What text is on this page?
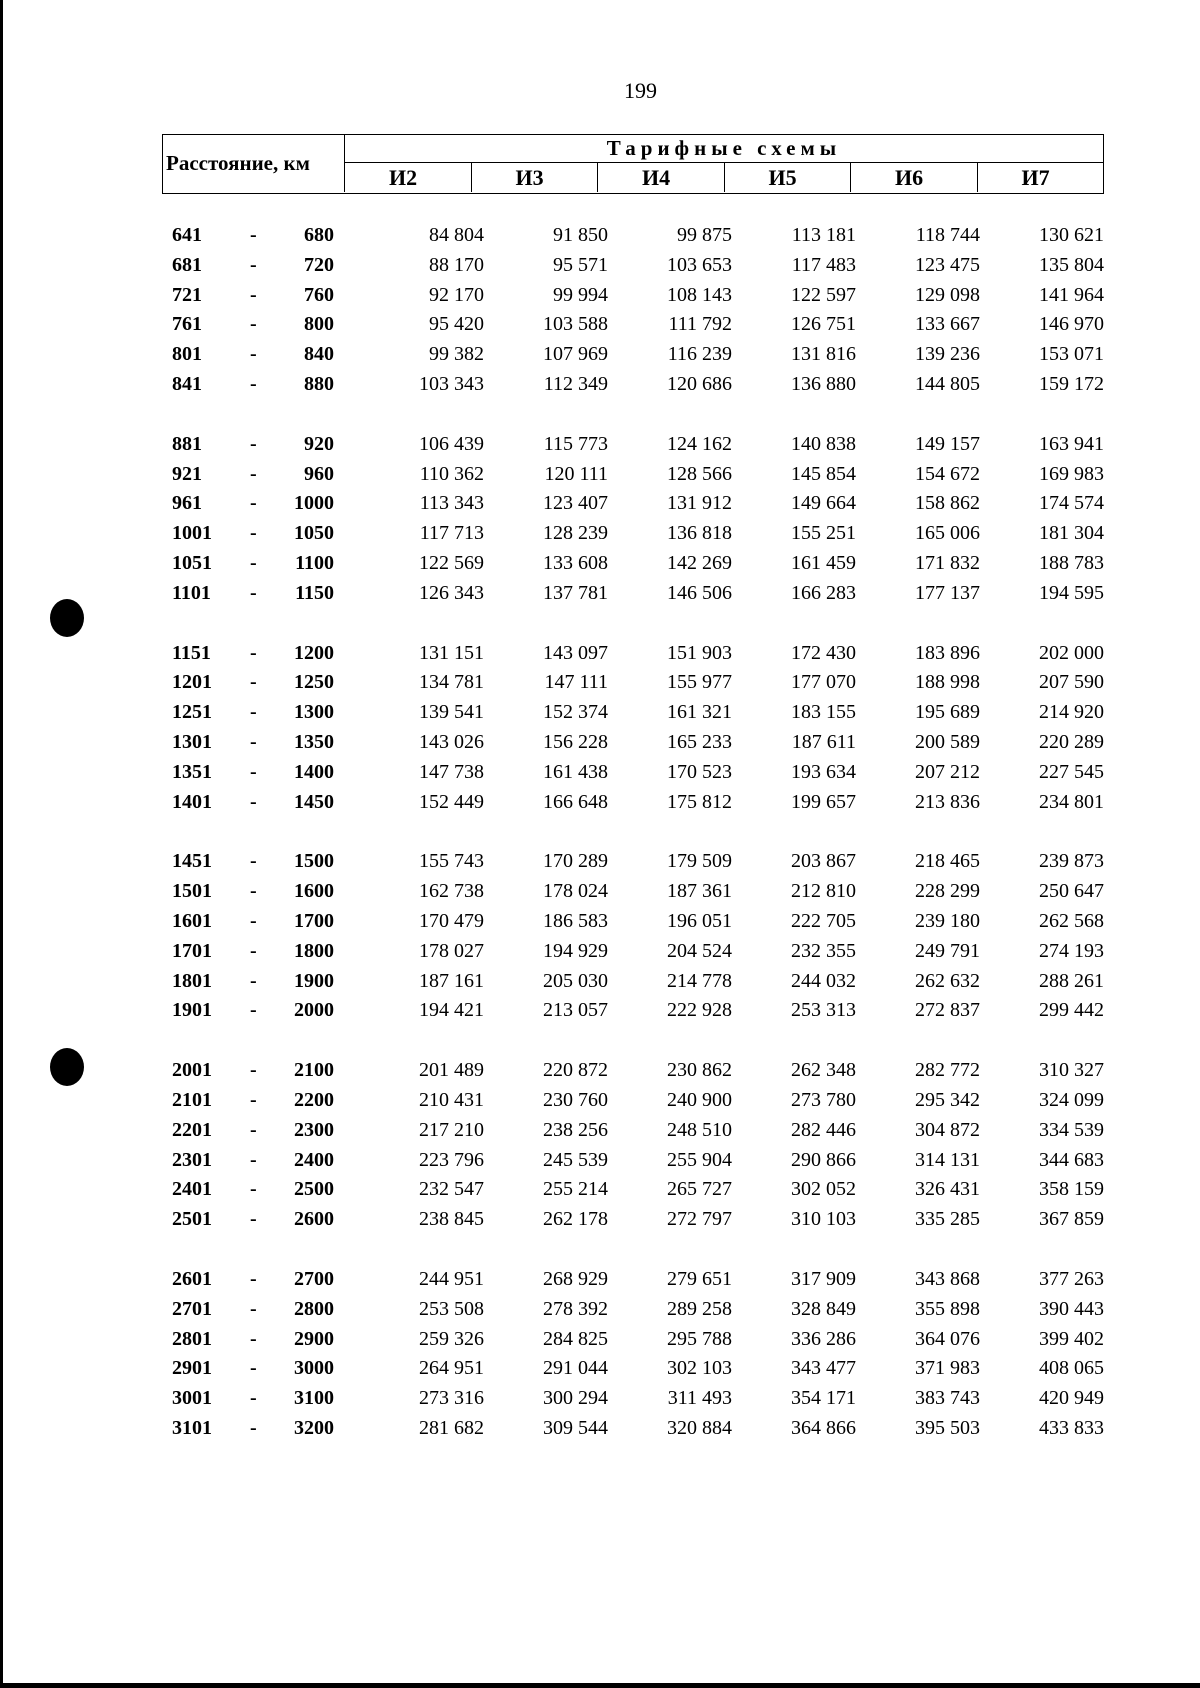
199
Расстояние, км
Тарифные схемы
И2	И3	И4	И5	И6	И7
641	-	680	84 804	91 850	99 875	113 181	118 744	130 621
681	-	720	88 170	95 571	103 653	117 483	123 475	135 804
721	-	760	92 170	99 994	108 143	122 597	129 098	141 964
761	-	800	95 420	103 588	111 792	126 751	133 667	146 970
801	-	840	99 382	107 969	116 239	131 816	139 236	153 071
841	-	880	103 343	112 349	120 686	136 880	144 805	159 172
881	-	920	106 439	115 773	124 162	140 838	149 157	163 941
921	-	960	110 362	120 111	128 566	145 854	154 672	169 983
961	-	1000	113 343	123 407	131 912	149 664	158 862	174 574
1001	-	1050	117 713	128 239	136 818	155 251	165 006	181 304
1051	-	1100	122 569	133 608	142 269	161 459	171 832	188 783
1101	-	1150	126 343	137 781	146 506	166 283	177 137	194 595
1151	-	1200	131 151	143 097	151 903	172 430	183 896	202 000
1201	-	1250	134 781	147 111	155 977	177 070	188 998	207 590
1251	-	1300	139 541	152 374	161 321	183 155	195 689	214 920
1301	-	1350	143 026	156 228	165 233	187 611	200 589	220 289
1351	-	1400	147 738	161 438	170 523	193 634	207 212	227 545
1401	-	1450	152 449	166 648	175 812	199 657	213 836	234 801
1451	-	1500	155 743	170 289	179 509	203 867	218 465	239 873
1501	-	1600	162 738	178 024	187 361	212 810	228 299	250 647
1601	-	1700	170 479	186 583	196 051	222 705	239 180	262 568
1701	-	1800	178 027	194 929	204 524	232 355	249 791	274 193
1801	-	1900	187 161	205 030	214 778	244 032	262 632	288 261
1901	-	2000	194 421	213 057	222 928	253 313	272 837	299 442
2001	-	2100	201 489	220 872	230 862	262 348	282 772	310 327
2101	-	2200	210 431	230 760	240 900	273 780	295 342	324 099
2201	-	2300	217 210	238 256	248 510	282 446	304 872	334 539
2301	-	2400	223 796	245 539	255 904	290 866	314 131	344 683
2401	-	2500	232 547	255 214	265 727	302 052	326 431	358 159
2501	-	2600	238 845	262 178	272 797	310 103	335 285	367 859
2601	-	2700	244 951	268 929	279 651	317 909	343 868	377 263
2701	-	2800	253 508	278 392	289 258	328 849	355 898	390 443
2801	-	2900	259 326	284 825	295 788	336 286	364 076	399 402
2901	-	3000	264 951	291 044	302 103	343 477	371 983	408 065
3001	-	3100	273 316	300 294	311 493	354 171	383 743	420 949
3101	-	3200	281 682	309 544	320 884	364 866	395 503	433 833
